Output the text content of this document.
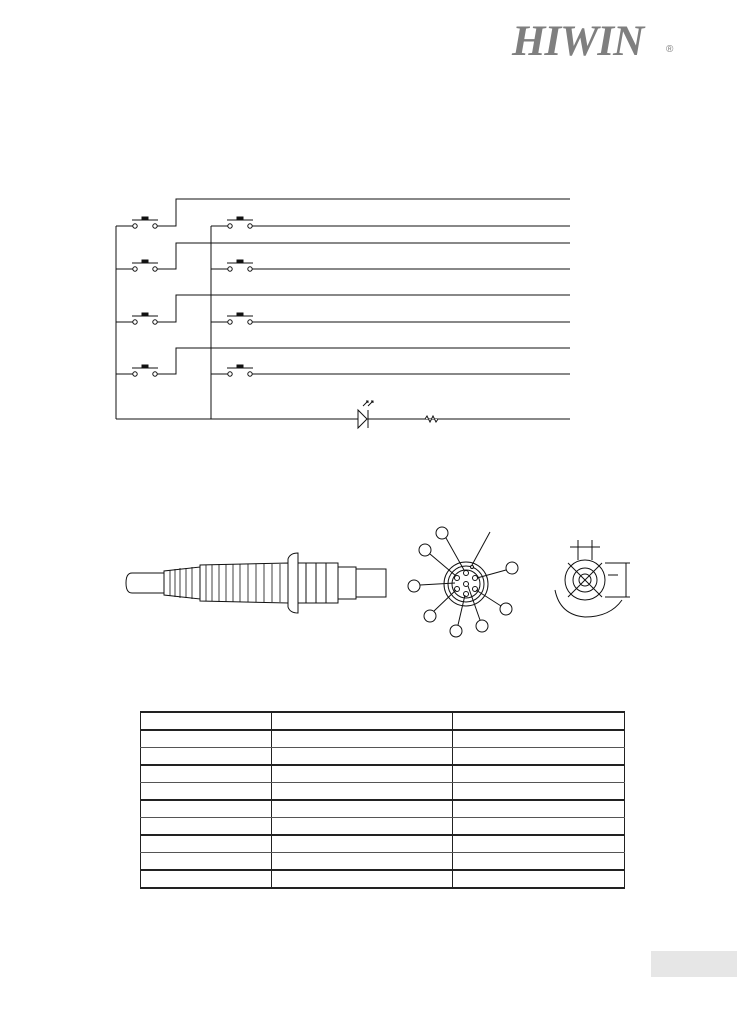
HIWIN ®
